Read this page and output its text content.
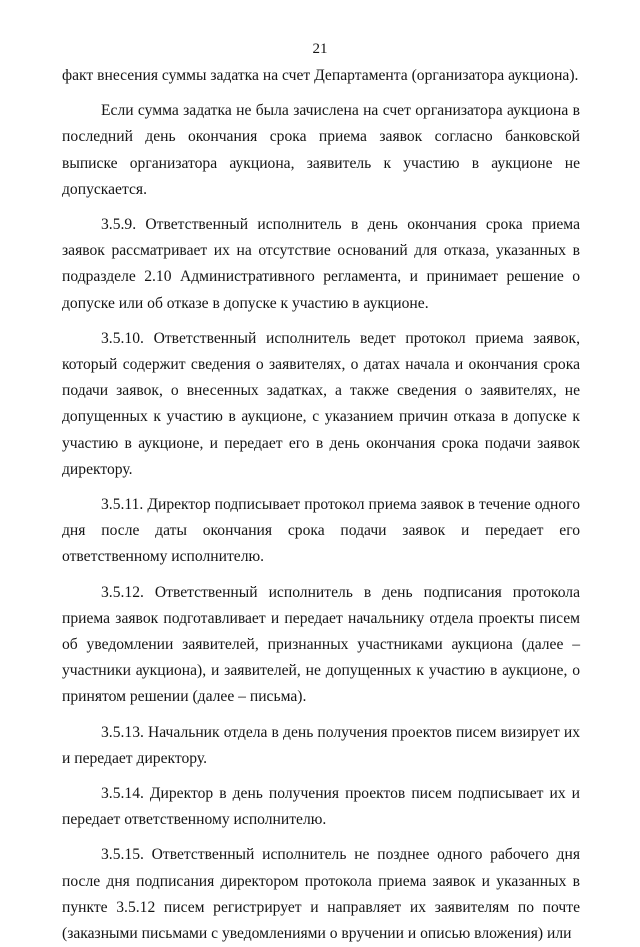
21

факт внесения суммы задатка на счет Департамента (организатора аукциона).

Если сумма задатка не была зачислена на счет организатора аукциона в последний день окончания срока приема заявок согласно банковской выписке организатора аукциона, заявитель к участию в аукционе не допускается.

3.5.9. Ответственный исполнитель в день окончания срока приема заявок рассматривает их на отсутствие оснований для отказа, указанных в подразделе 2.10 Административного регламента, и принимает решение о допуске или об отказе в допуске к участию в аукционе.

3.5.10. Ответственный исполнитель ведет протокол приема заявок, который содержит сведения о заявителях, о датах начала и окончания срока подачи заявок, о внесенных задатках, а также сведения о заявителях, не допущенных к участию в аукционе, с указанием причин отказа в допуске к участию в аукционе, и передает его в день окончания срока подачи заявок директору.

3.5.11. Директор подписывает протокол приема заявок в течение одного дня после даты окончания срока подачи заявок и передает его ответственному исполнителю.

3.5.12. Ответственный исполнитель в день подписания протокола приема заявок подготавливает и передает начальнику отдела проекты писем об уведомлении заявителей, признанных участниками аукциона (далее – участники аукциона), и заявителей, не допущенных к участию в аукционе, о принятом решении (далее – письма).

3.5.13. Начальник отдела в день получения проектов писем визирует их и передает директору.

3.5.14. Директор в день получения проектов писем подписывает их и передает ответственному исполнителю.

3.5.15. Ответственный исполнитель не позднее одного рабочего дня после дня подписания директором протокола приема заявок и указанных в пункте 3.5.12 писем регистрирует и направляет их заявителям по почте (заказными письмами с уведомлениями о вручении и описью вложения) или
